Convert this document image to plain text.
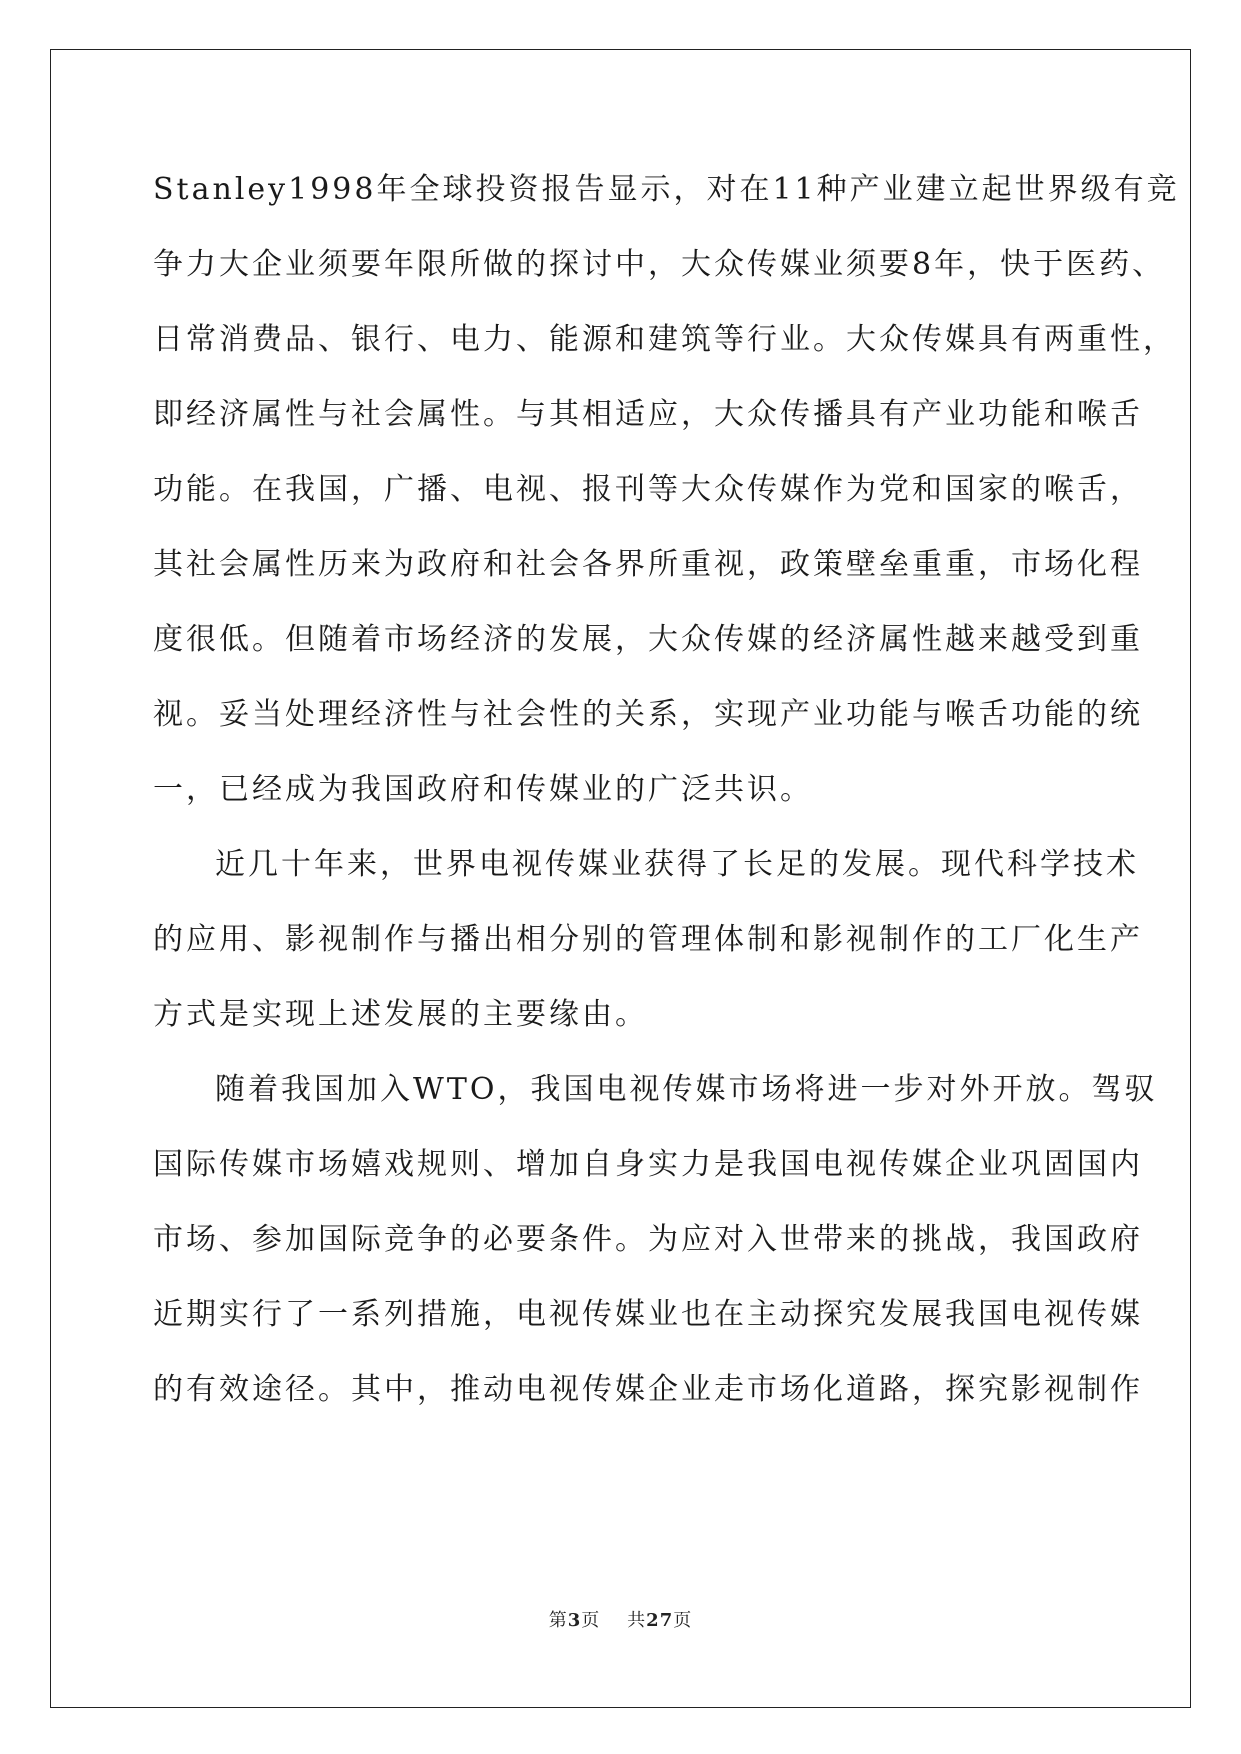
Stanley1998年全球投资报告显示，对在11种产业建立起世界级有竞
争力大企业须要年限所做的探讨中，大众传媒业须要8年，快于医药、
日常消费品、银行、电力、能源和建筑等行业。大众传媒具有两重性，
即经济属性与社会属性。与其相适应，大众传播具有产业功能和喉舌
功能。在我国，广播、电视、报刊等大众传媒作为党和国家的喉舌，
其社会属性历来为政府和社会各界所重视，政策壁垒重重，市场化程
度很低。但随着市场经济的发展，大众传媒的经济属性越来越受到重
视。妥当处理经济性与社会性的关系，实现产业功能与喉舌功能的统
一，已经成为我国政府和传媒业的广泛共识。
近几十年来，世界电视传媒业获得了长足的发展。现代科学技术
的应用、影视制作与播出相分别的管理体制和影视制作的工厂化生产
方式是实现上述发展的主要缘由。
随着我国加入WTO，我国电视传媒市场将进一步对外开放。驾驭
国际传媒市场嬉戏规则、增加自身实力是我国电视传媒企业巩固国内
市场、参加国际竞争的必要条件。为应对入世带来的挑战，我国政府
近期实行了一系列措施，电视传媒业也在主动探究发展我国电视传媒
的有效途径。其中，推动电视传媒企业走市场化道路，探究影视制作
第3页 共27页
